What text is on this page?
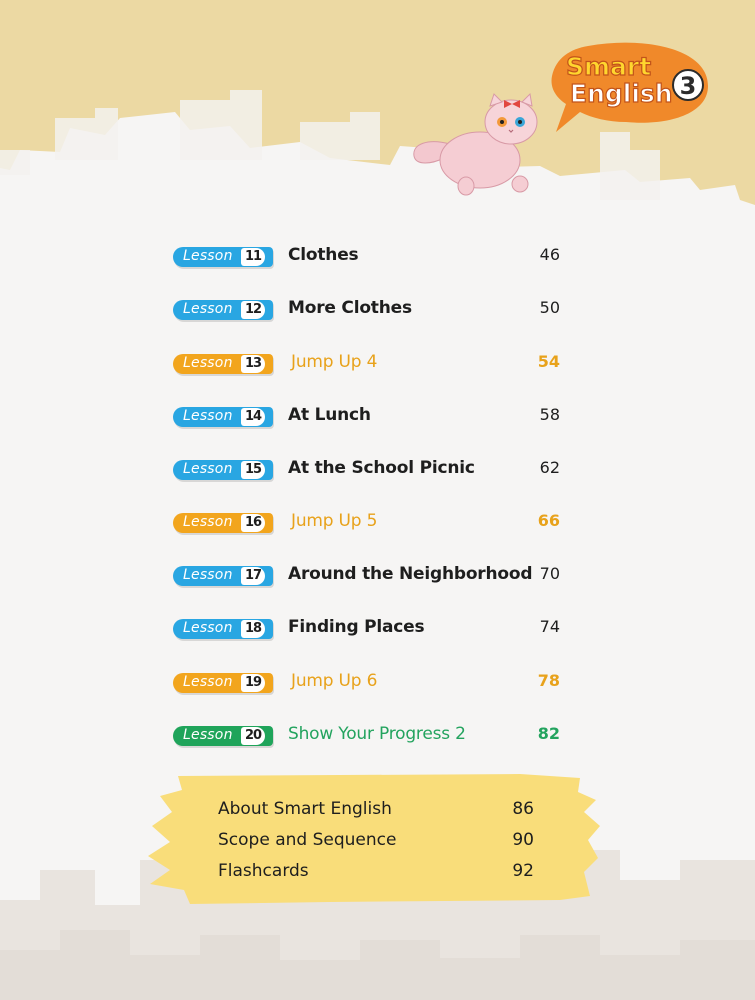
Smart
English 3
Lesson 11 Clothes	46
Lesson 12 More Clothes	50
Lesson 13 Jump Up 4	54
Lesson 14 At Lunch	58
Lesson 15 At the School Picnic	62
Lesson 16 Jump Up 5	66
Lesson 17 Around the Neighborhood 70
Lesson 18 Finding Places	74
Lesson 19 Jump Up 6	78
Lesson 20 Show Your Progress 2	82
About Smart English	86
Scope and Sequence	90
Flashcards	92
